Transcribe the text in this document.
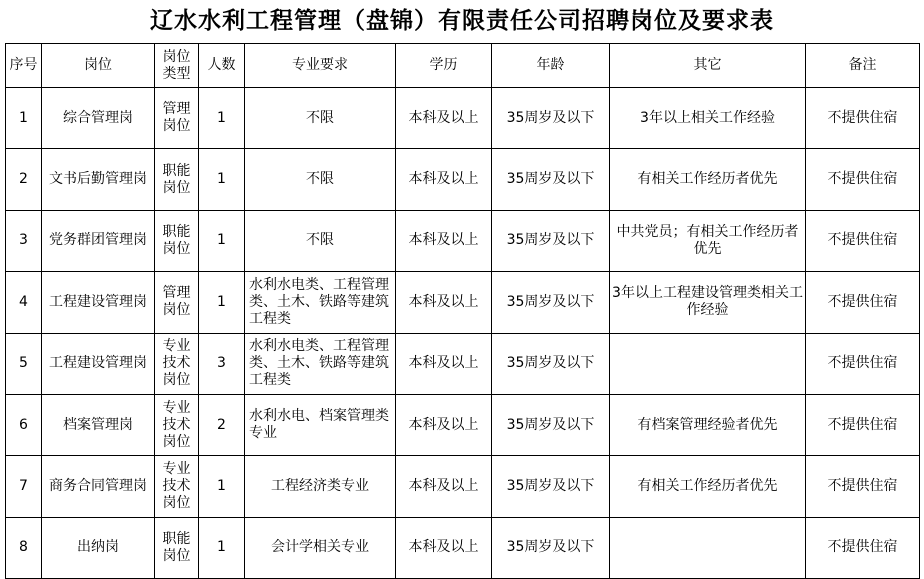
辽水水利工程管理（盘锦）有限责任公司招聘岗位及要求表
序号	岗位	岗位类型	人数	专业要求	学历	年龄	其它	备注
1	综合管理岗	管理岗位	1	不限	本科及以上	35周岁及以下	3年以上相关工作经验	不提供住宿
2	文书后勤管理岗	职能岗位	1	不限	本科及以上	35周岁及以下	有相关工作经历者优先	不提供住宿
3	党务群团管理岗	职能岗位	1	不限	本科及以上	35周岁及以下	中共党员；有相关工作经历者优先	不提供住宿
4	工程建设管理岗	管理岗位	1	水利水电类、工程管理类、土木、铁路等建筑工程类	本科及以上	35周岁及以下	3年以上工程建设管理类相关工作经验	不提供住宿
5	工程建设管理岗	专业技术岗位	3	水利水电类、工程管理类、土木、铁路等建筑工程类	本科及以上	35周岁及以下		不提供住宿
6	档案管理岗	专业技术岗位	2	水利水电、档案管理类专业	本科及以上	35周岁及以下	有档案管理经验者优先	不提供住宿
7	商务合同管理岗	专业技术岗位	1	工程经济类专业	本科及以上	35周岁及以下	有相关工作经历者优先	不提供住宿
8	出纳岗	职能岗位	1	会计学相关专业	本科及以上	35周岁及以下		不提供住宿
